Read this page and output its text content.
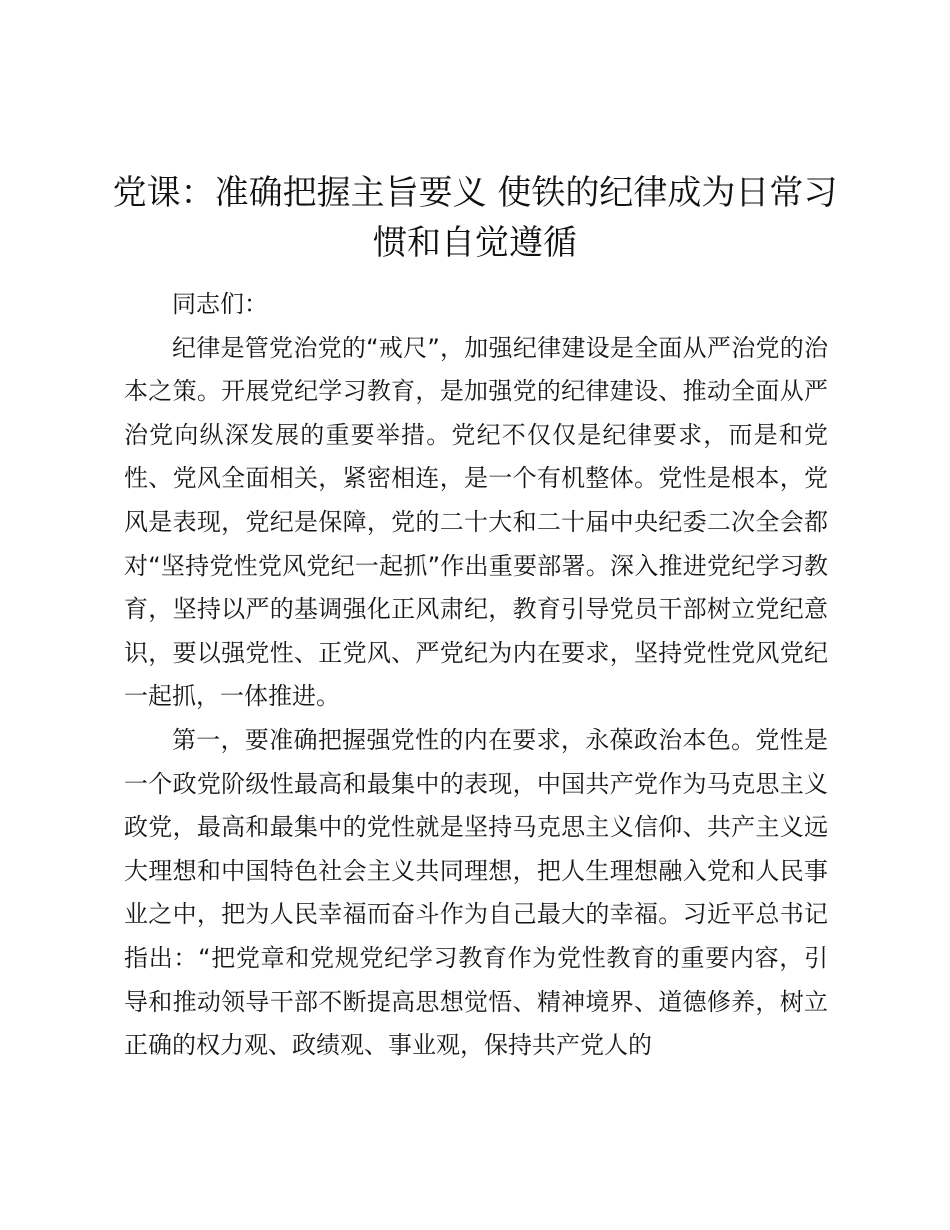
党课：准确把握主旨要义 使铁的纪律成为日常习惯和自觉遵循

同志们：

纪律是管党治党的“戒尺”，加强纪律建设是全面从严治党的治本之策。开展党纪学习教育，是加强党的纪律建设、推动全面从严治党向纵深发展的重要举措。党纪不仅仅是纪律要求，而是和党性、党风全面相关，紧密相连，是一个有机整体。党性是根本，党风是表现，党纪是保障，党的二十大和二十届中央纪委二次全会都对“坚持党性党风党纪一起抓”作出重要部署。深入推进党纪学习教育，坚持以严的基调强化正风肃纪，教育引导党员干部树立党纪意识，要以强党性、正党风、严党纪为内在要求，坚持党性党风党纪一起抓，一体推进。

第一，要准确把握强党性的内在要求，永葆政治本色。党性是一个政党阶级性最高和最集中的表现，中国共产党作为马克思主义政党，最高和最集中的党性就是坚持马克思主义信仰、共产主义远大理想和中国特色社会主义共同理想，把人生理想融入党和人民事业之中，把为人民幸福而奋斗作为自己最大的幸福。习近平总书记指出：“把党章和党规党纪学习教育作为党性教育的重要内容，引导和推动领导干部不断提高思想觉悟、精神境界、道德修养，树立正确的权力观、政绩观、事业观，保持共产党人的
